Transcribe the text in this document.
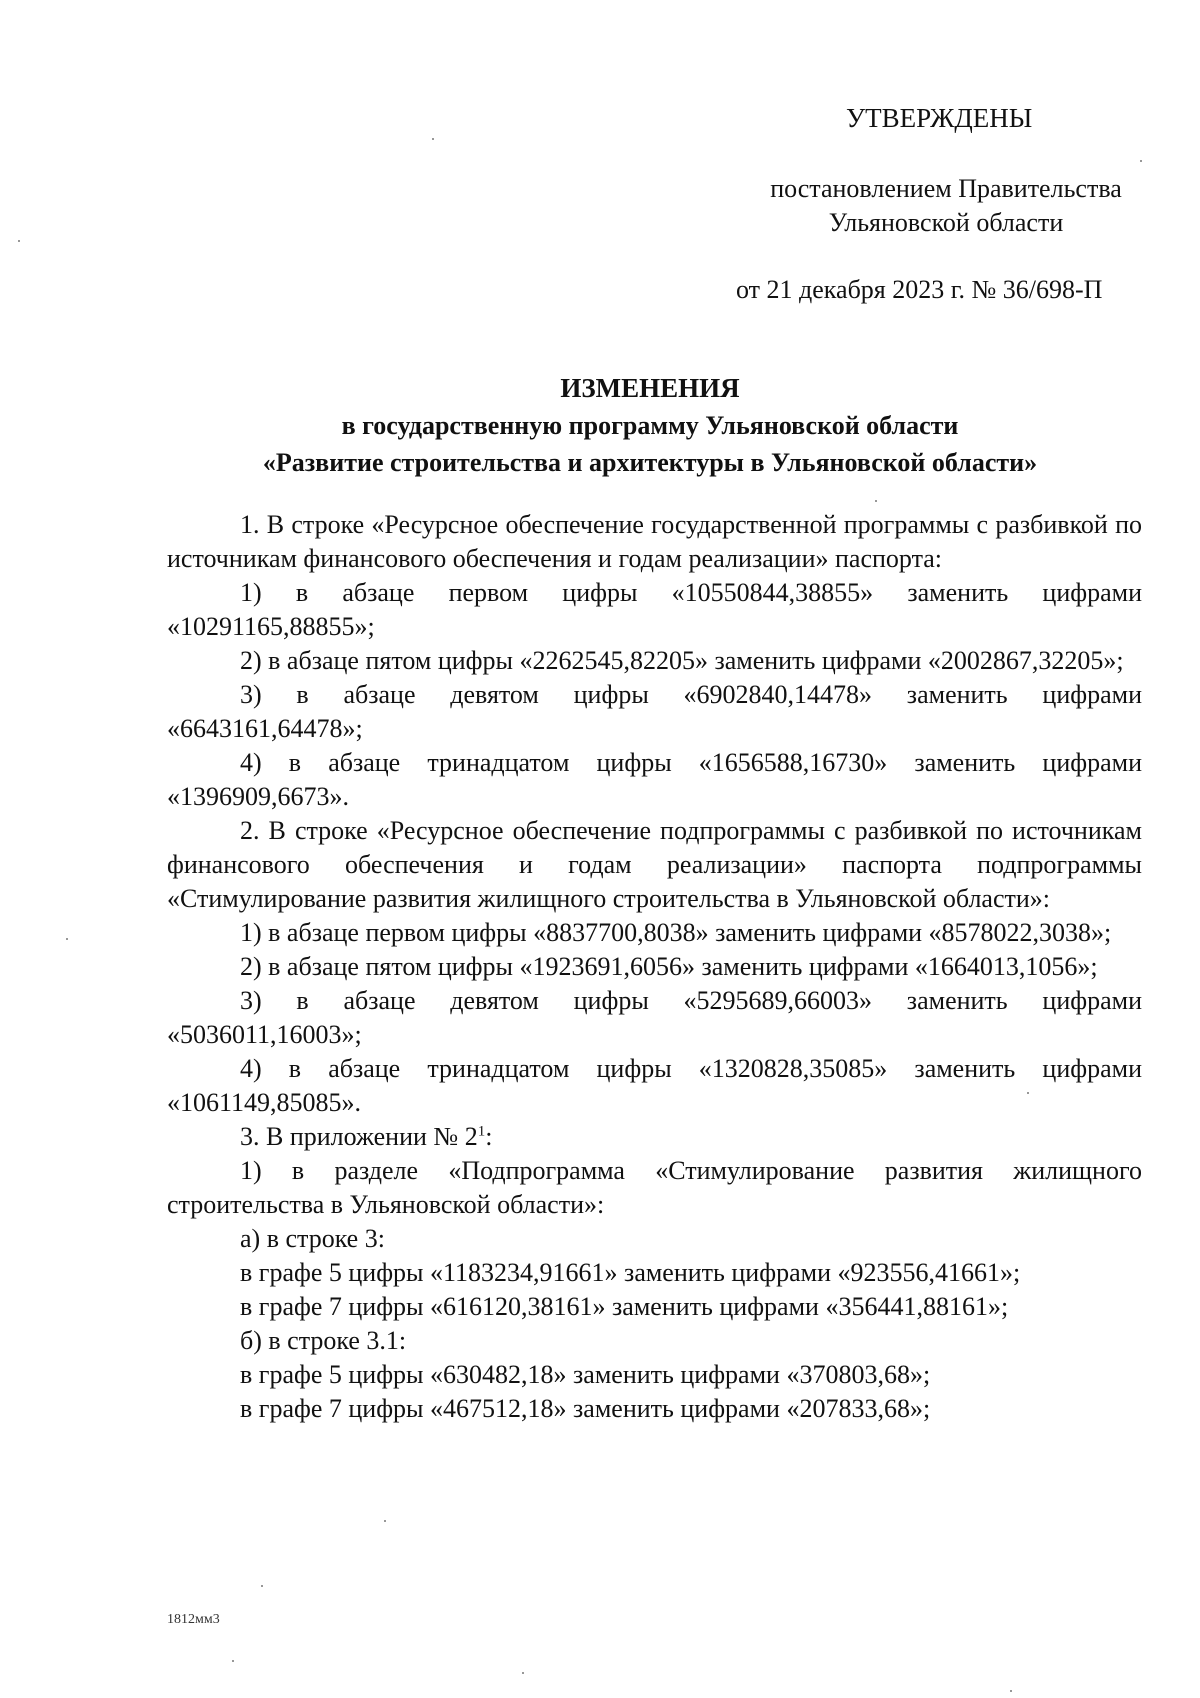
УТВЕРЖДЕНЫ
постановлением Правительства
Ульяновской области
от 21 декабря 2023 г. № 36/698-П
ИЗМЕНЕНИЯ
в государственную программу Ульяновской области
«Развитие строительства и архитектуры в Ульяновской области»

1. В строке «Ресурсное обеспечение государственной программы с разбивкой по источникам финансового обеспечения и годам реализации» паспорта:

1) в абзаце первом цифры «10550844,38855» заменить цифрами «10291165,88855»;

2) в абзаце пятом цифры «2262545,82205» заменить цифрами «2002867,32205»;

3) в абзаце девятом цифры «6902840,14478» заменить цифрами «6643161,64478»;

4) в абзаце тринадцатом цифры «1656588,16730» заменить цифрами «1396909,6673».

2. В строке «Ресурсное обеспечение подпрограммы с разбивкой по источникам финансового обеспечения и годам реализации» паспорта подпрограммы «Стимулирование развития жилищного строительства в Ульяновской области»:

1) в абзаце первом цифры «8837700,8038» заменить цифрами «8578022,3038»;

2) в абзаце пятом цифры «1923691,6056» заменить цифрами «1664013,1056»;

3) в абзаце девятом цифры «5295689,66003» заменить цифрами «5036011,16003»;

4) в абзаце тринадцатом цифры «1320828,35085» заменить цифрами «1061149,85085».

3. В приложении № $2^1$:

1) в разделе «Подпрограмма «Стимулирование развития жилищного строительства в Ульяновской области»:

а) в строке 3:

в графе 5 цифры «1183234,91661» заменить цифрами «923556,41661»;

в графе 7 цифры «616120,38161» заменить цифрами «356441,88161»;

б) в строке 3.1:

в графе 5 цифры «630482,18» заменить цифрами «370803,68»;

в графе 7 цифры «467512,18» заменить цифрами «207833,68»;

1812мм3
